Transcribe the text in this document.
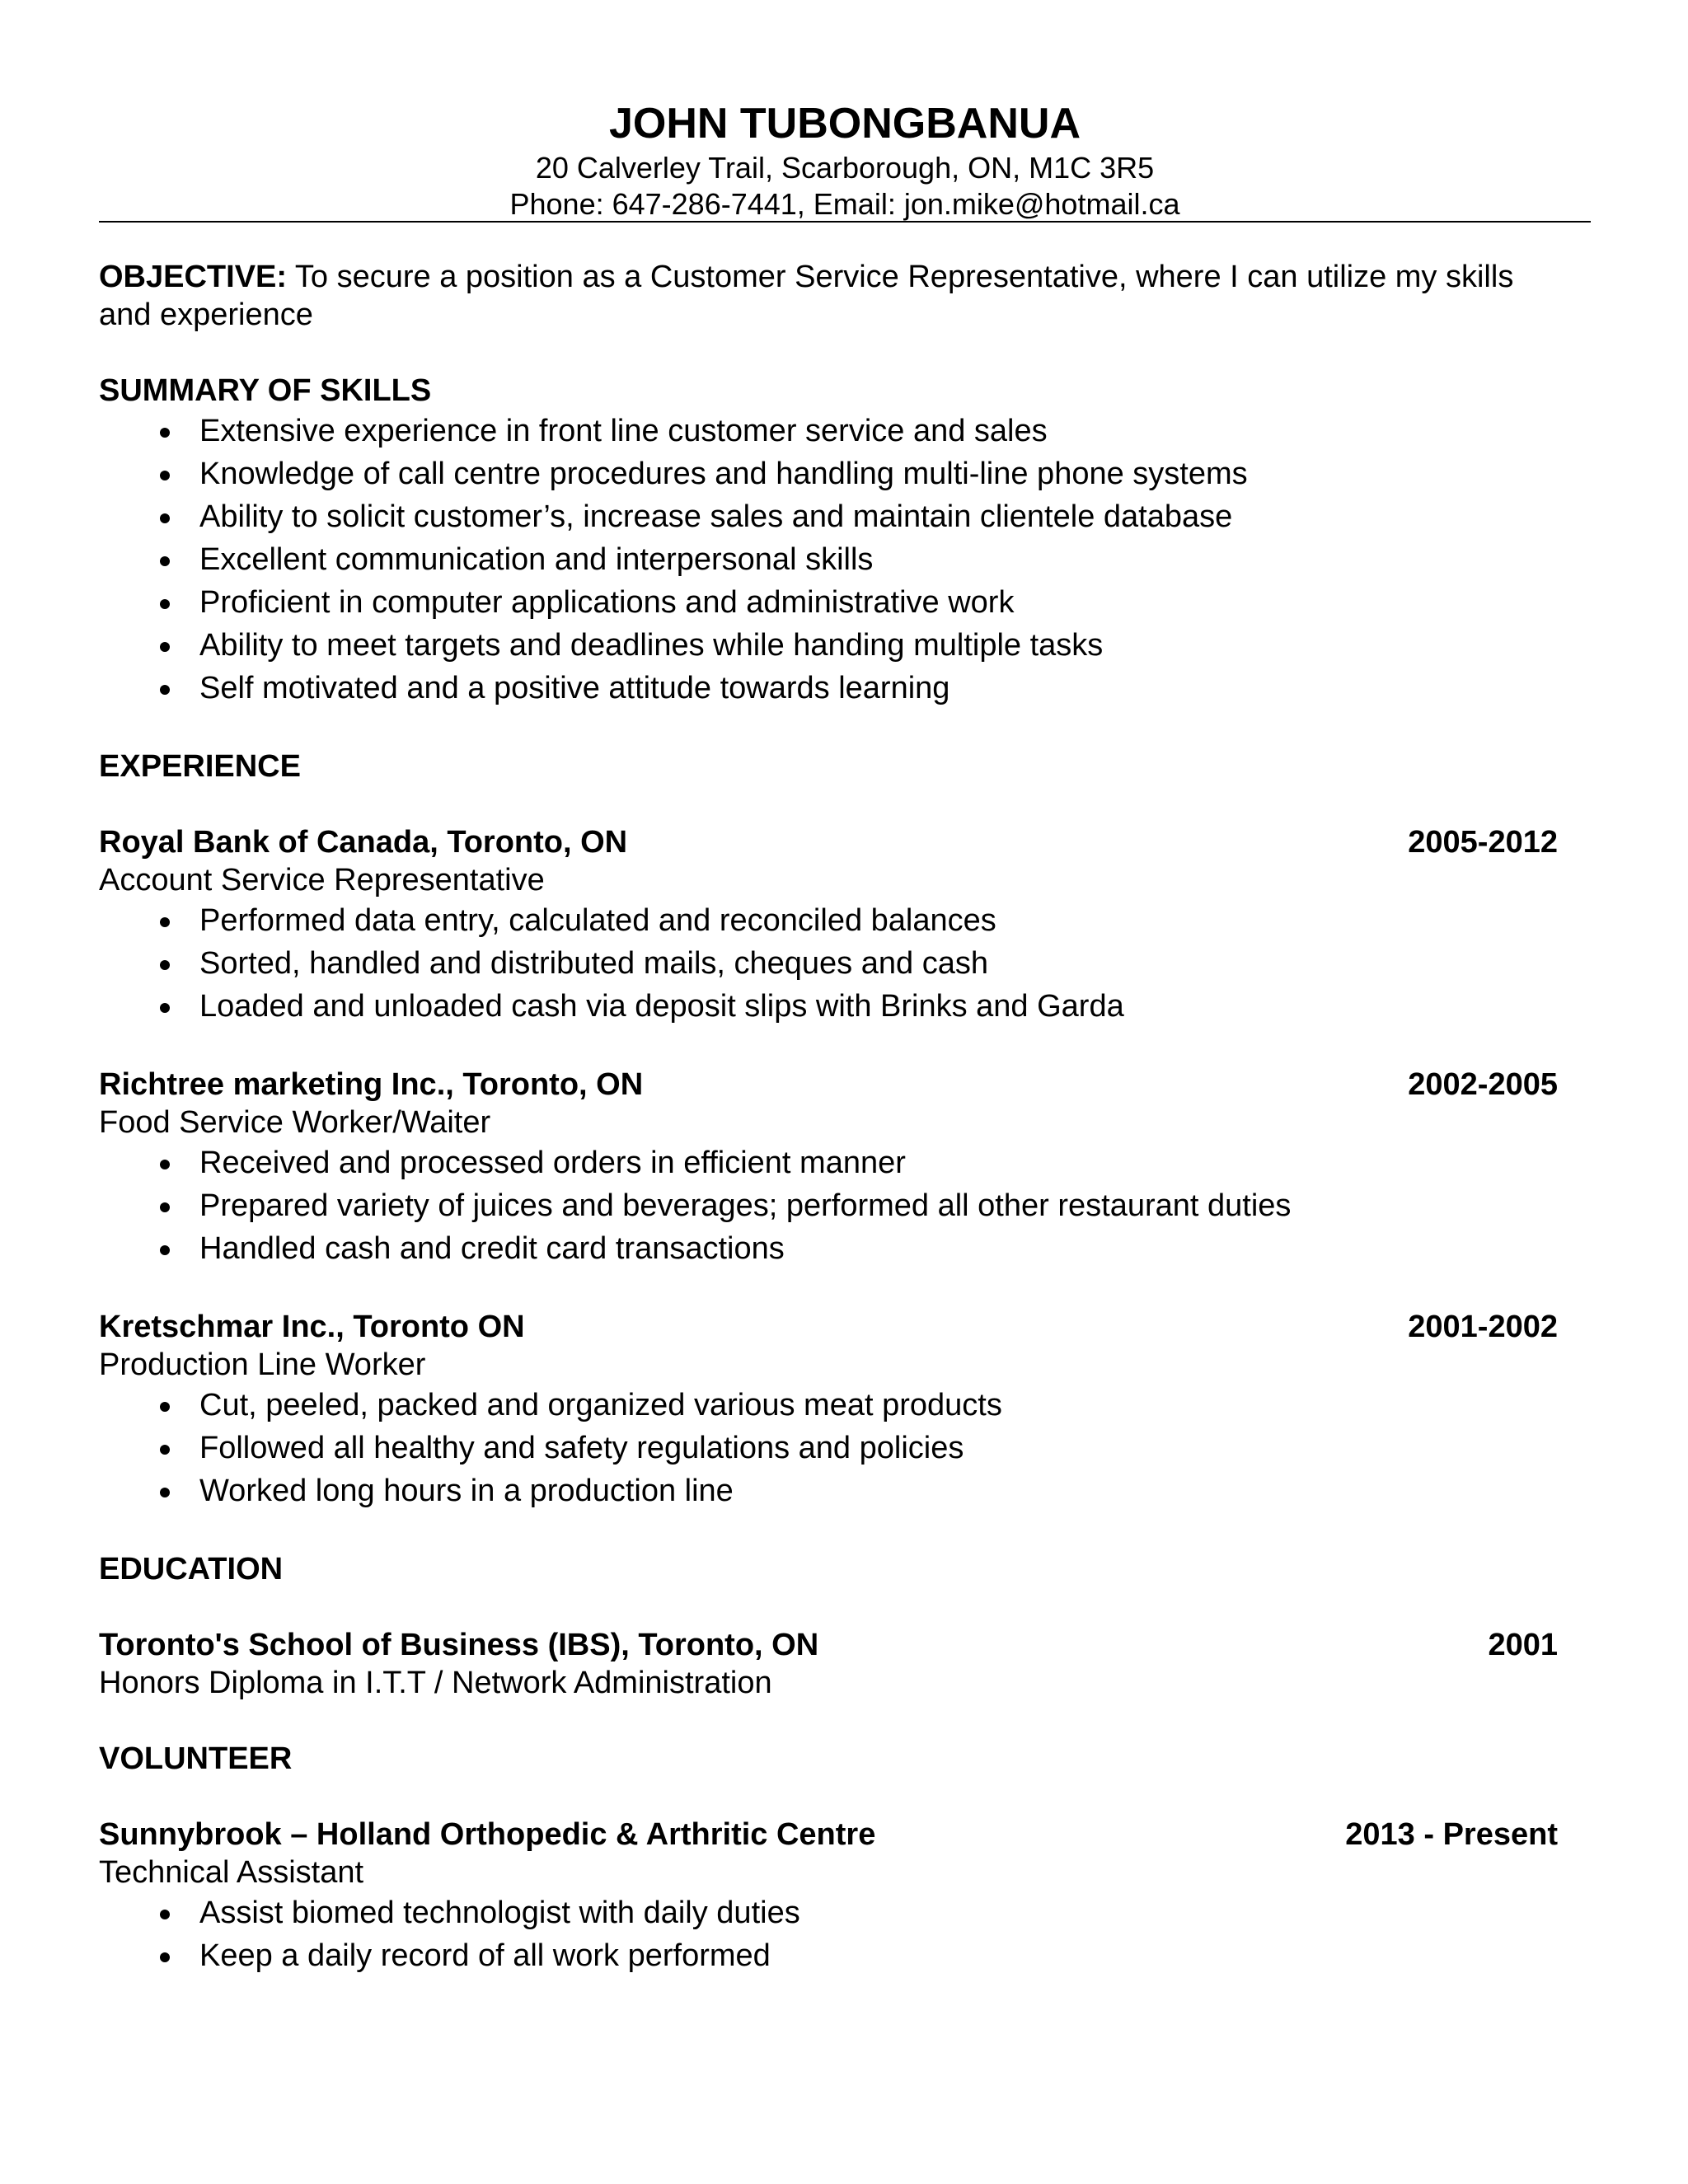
JOHN TUBONGBANUA

20 Calverley Trail, Scarborough, ON, M1C 3R5

Phone: 647-286-7441, Email: jon.mike@hotmail.ca

OBJECTIVE: To secure a position as a Customer Service Representative, where I can utilize my skills and experience

SUMMARY OF SKILLS

Extensive experience in front line customer service and sales
Knowledge of call centre procedures and handling multi-line phone systems
Ability to solicit customer’s, increase sales and maintain clientele database
Excellent communication and interpersonal skills
Proficient in computer applications and administrative work
Ability to meet targets and deadlines while handing multiple tasks
Self motivated and a positive attitude towards learning

EXPERIENCE

Royal Bank of Canada, Toronto, ON	2005-2012
Account Service Representative
Performed data entry, calculated and reconciled balances
Sorted, handled and distributed mails, cheques and cash
Loaded and unloaded cash via deposit slips with Brinks and Garda
Richtree marketing Inc., Toronto, ON	2002-2005
Food Service Worker/Waiter
Received and processed orders in efficient manner
Prepared variety of juices and beverages; performed all other restaurant duties
Handled cash and credit card transactions
Kretschmar Inc., Toronto ON	2001-2002
Production Line Worker
Cut, peeled, packed and organized various meat products
Followed all healthy and safety regulations and policies
Worked long hours in a production line

EDUCATION

Toronto's School of Business (IBS), Toronto, ON	2001
Honors Diploma in I.T.T / Network Administration

VOLUNTEER

Sunnybrook – Holland Orthopedic & Arthritic Centre	2013 - Present
Technical Assistant
Assist biomed technologist with daily duties
Keep a daily record of all work performed
